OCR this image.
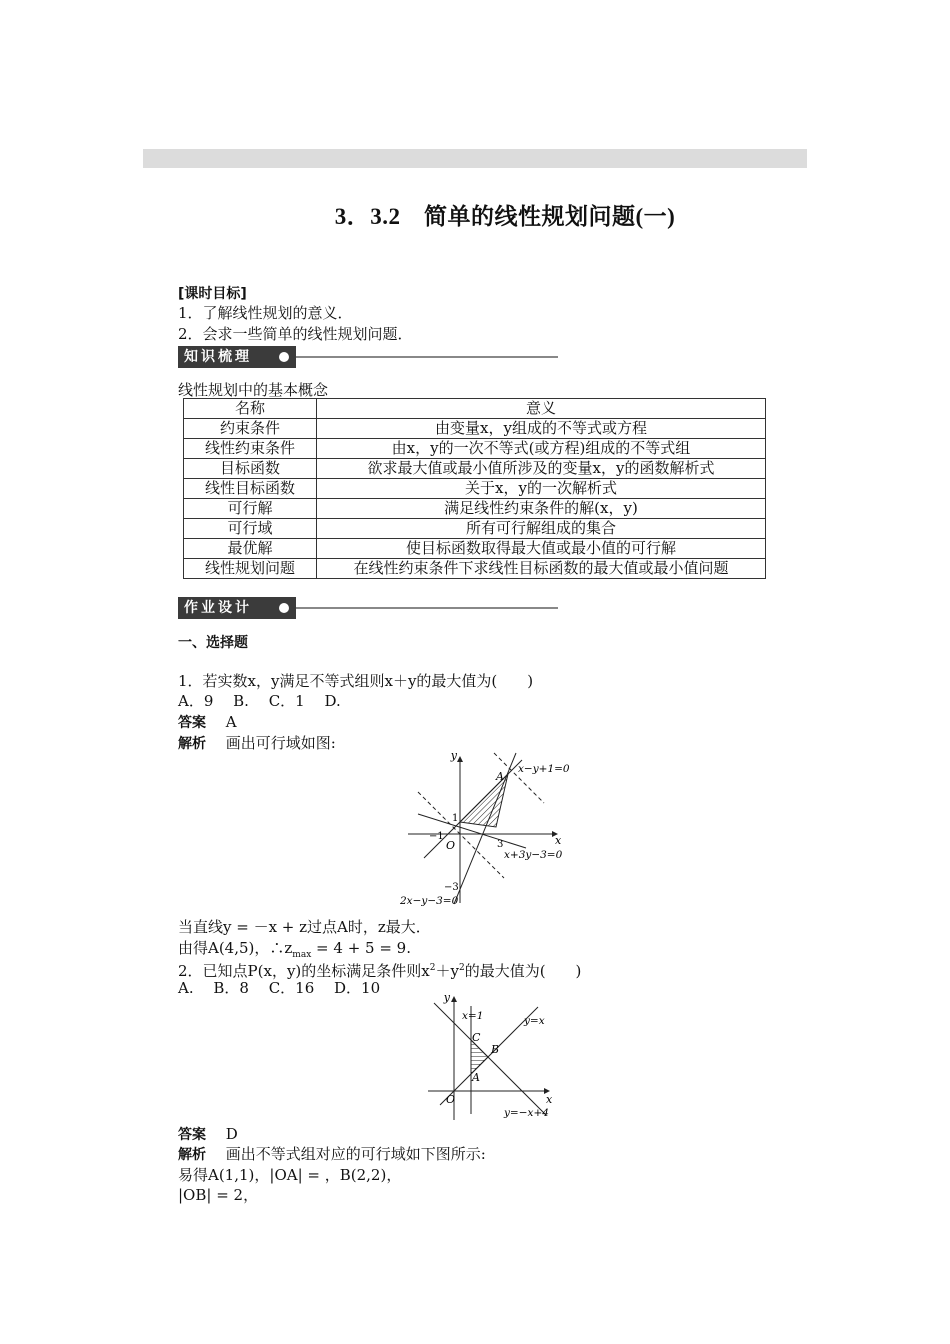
3．3.2　简单的线性规划问题(一)
[课时目标]
1．了解线性规划的意义．
2．会求一些简单的线性规划问题．
知识梳理
线性规划中的基本概念
名称	意义
约束条件	由变量x，y组成的不等式或方程
线性约束条件	由x，y的一次不等式(或方程)组成的不等式组
目标函数	欲求最大值或最小值所涉及的变量x，y的函数解析式
线性目标函数	关于x，y的一次解析式
可行解	满足线性约束条件的解(x，y)
可行域	所有可行解组成的集合
最优解	使目标函数取得最大值或最小值的可行解
线性规划问题	在线性约束条件下求线性目标函数的最大值或最小值问题
作业设计
一、选择题
1．若实数x，y满足不等式组则x＋y的最大值为(　　)
A．9　 B.　 C．1　 D.
答案　 A
解析　 画出可行域如图:
y
x
O
A
x−y+1=0
x+3y−3=0
2x−y−3=0
1
−1
3
−3
当直线y = －x + z过点A时，z最大．
由得A(4,5)，$\therefore z_{max} = 4 + 5 = 9$.
2．已知点P(x，y)的坐标满足条件则$x^2+y^2$的最大值为(　　)
A.　 B．8　 C．16　 D．10
y
x
O
x=1	y=x
y=−x+4
A
B
C
答案　 D
解析　 画出不等式组对应的可行域如下图所示:
易得A(1,1)，|OA| = ，B(2,2)，
|OB| = 2，
